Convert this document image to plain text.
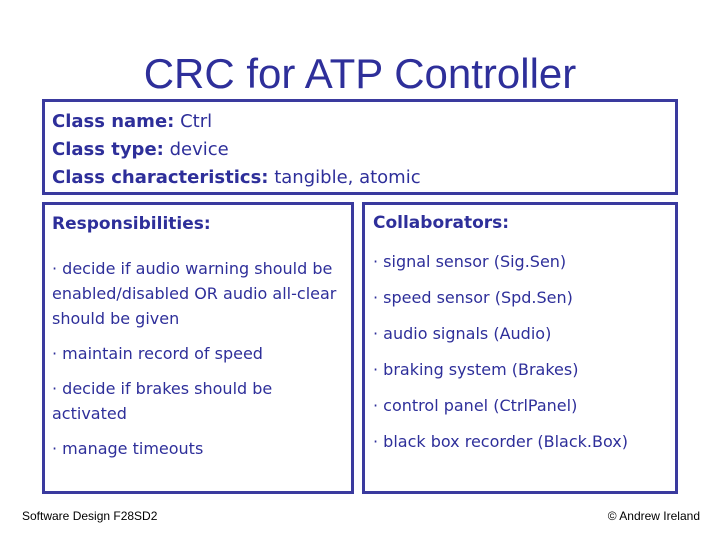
CRC for ATP Controller
Class name: Ctrl
Class type: device
Class characteristics: tangible, atomic
Responsibilities:
· decide if audio warning should be enabled/disabled OR audio all-clear should be given
· maintain record of speed
· decide if brakes should be activated
· manage timeouts
Collaborators:
· signal sensor (Sig.Sen)
· speed sensor (Spd.Sen)
· audio signals (Audio)
· braking system (Brakes)
· control panel (CtrlPanel)
· black box recorder (Black.Box)
Software Design F28SD2	© Andrew Ireland
